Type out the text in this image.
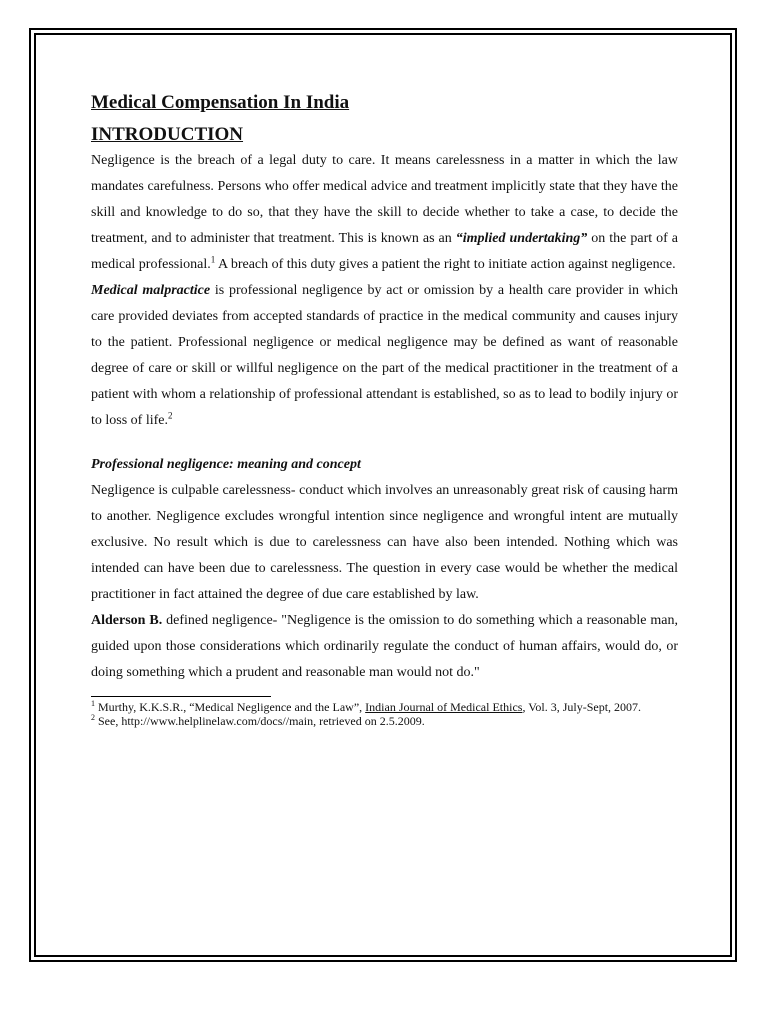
Medical Compensation In India
INTRODUCTION

Negligence is the breach of a legal duty to care. It means carelessness in a matter in which the law mandates carefulness. Persons who offer medical advice and treatment implicitly state that they have the skill and knowledge to do so, that they have the skill to decide whether to take a case, to decide the treatment, and to administer that treatment. This is known as an “implied undertaking” on the part of a medical professional.$^1$ A breach of this duty gives a patient the right to initiate action against negligence.

Medical malpractice is professional negligence by act or omission by a health care provider in which care provided deviates from accepted standards of practice in the medical community and causes injury to the patient. Professional negligence or medical negligence may be defined as want of reasonable degree of care or skill or willful negligence on the part of the medical practitioner in the treatment of a patient with whom a relationship of professional attendant is established, so as to lead to bodily injury or to loss of life.$^2$

Professional negligence: meaning and concept

Negligence is culpable carelessness- conduct which involves an unreasonably great risk of causing harm to another. Negligence excludes wrongful intention since negligence and wrongful intent are mutually exclusive. No result which is due to carelessness can have also been intended. Nothing which was intended can have been due to carelessness. The question in every case would be whether the medical practitioner in fact attained the degree of due care established by law.

Alderson B. defined negligence- "Negligence is the omission to do something which a reasonable man, guided upon those considerations which ordinarily regulate the conduct of human affairs, would do, or doing something which a prudent and reasonable man would not do."

$^1$ Murthy, K.K.S.R., “Medical Negligence and the Law”, Indian Journal of Medical Ethics, Vol. 3, July-Sept, 2007.

$^2$ See, http://www.helplinelaw.com/docs//main, retrieved on 2.5.2009.
